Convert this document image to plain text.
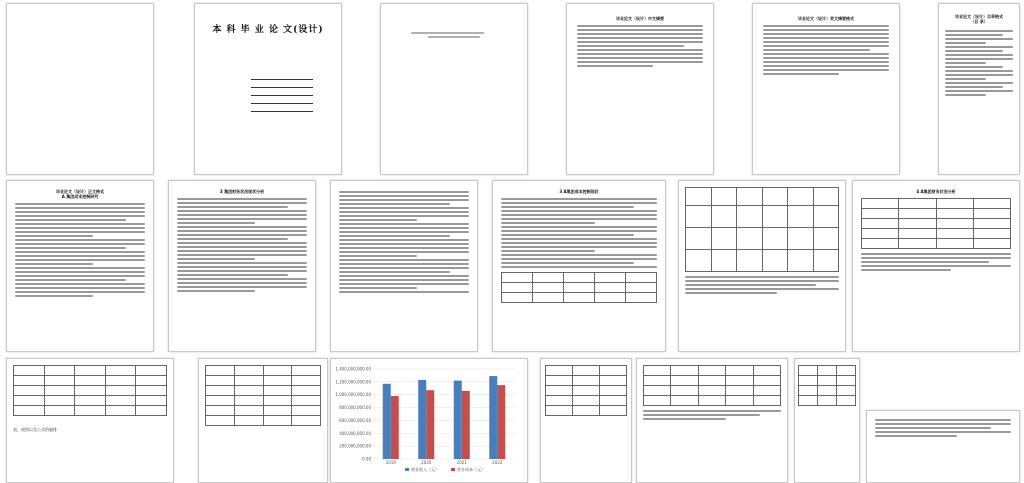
本 科 毕 业 论 文(设计)

毕业论文（设计）中文摘要	毕业论文（设计）英文摘要格式	毕业论文（设计）目录格式
（目 录）
毕业论文（设计）正文格式
A 集团成本控制研究
3 集团财务状况现状分析	3 A集团成本控制现状

						4 A集团财务状况分析

表、视图以及公式的编排

1,400,000,000.00
1,200,000,000.00
1,000,000,000.00
800,000,000.00
600,000,000.00
400,000,000.00
200,000,000.00
0.00
2019	2020	2021	2022
营业收入（元）	营业成本（元）
